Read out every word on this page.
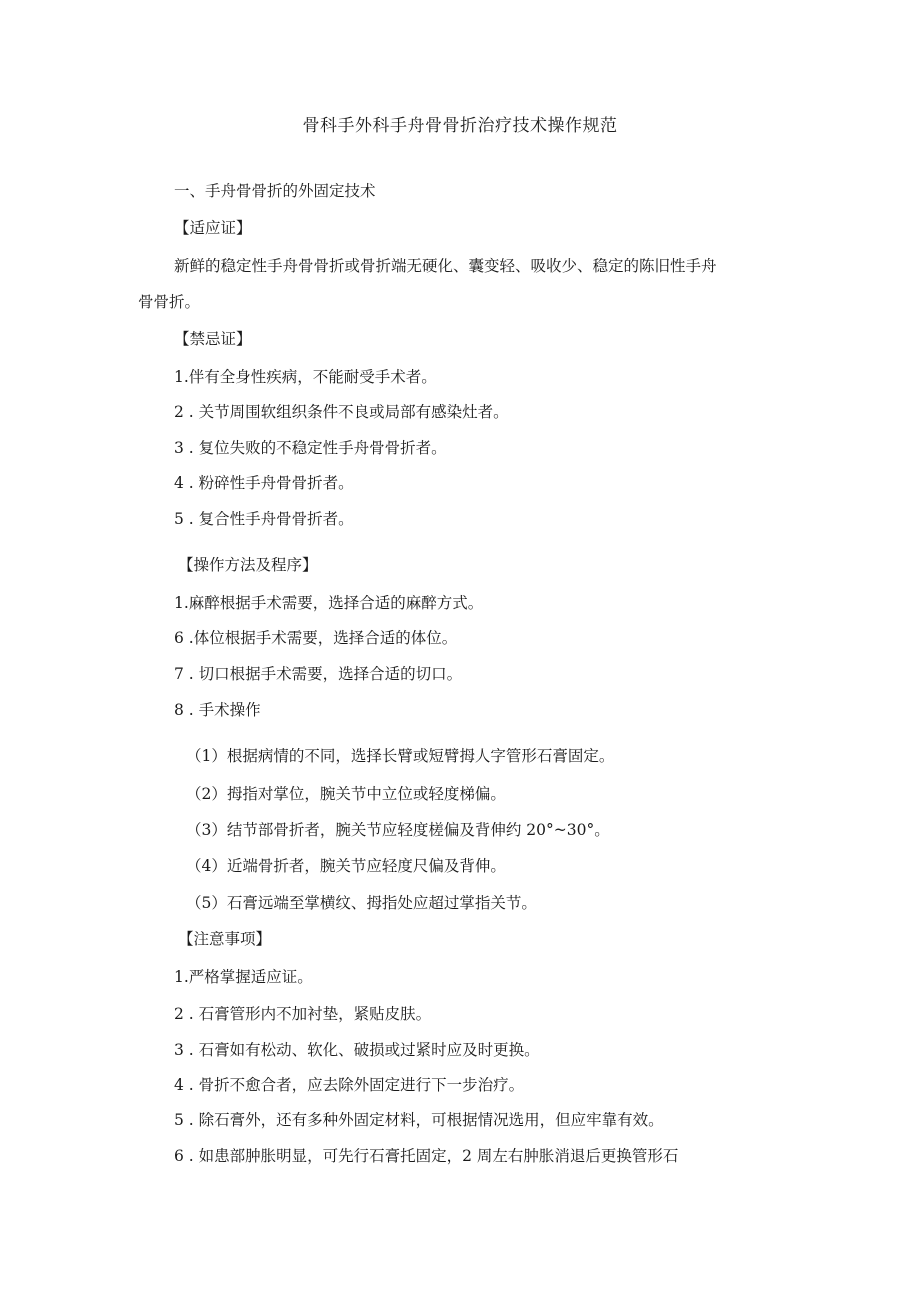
骨科手外科手舟骨骨折治疗技术操作规范
一、手舟骨骨折的外固定技术
【适应证】
新鲜的稳定性手舟骨骨折或骨折端无硬化、囊变轻、吸收少、稳定的陈旧性手舟
骨骨折。
【禁忌证】
1.伴有全身性疾病，不能耐受手术者。
2 . 关节周围软组织条件不良或局部有感染灶者。
3 . 复位失败的不稳定性手舟骨骨折者。
4 . 粉碎性手舟骨骨折者。
5 . 复合性手舟骨骨折者。
【操作方法及程序】
1.麻醉根据手术需要，选择合适的麻醉方式。
6 .体位根据手术需要，选择合适的体位。
7 . 切口根据手术需要，选择合适的切口。
8 . 手术操作
（1）根据病情的不同，选择长臂或短臂拇人字管形石膏固定。
（2）拇指对掌位，腕关节中立位或轻度梯偏。
（3）结节部骨折者，腕关节应轻度槎偏及背伸约 20°~30°。
（4）近端骨折者，腕关节应轻度尺偏及背伸。
（5）石膏远端至掌横纹、拇指处应超过掌指关节。
【注意事项】
1.严格掌握适应证。
2 . 石膏管形内不加衬垫，紧贴皮肤。
3 . 石膏如有松动、软化、破损或过紧时应及时更换。
4 . 骨折不愈合者，应去除外固定进行下一步治疗。
5 . 除石膏外，还有多种外固定材料，可根据情况选用，但应牢靠有效。
6 . 如患部肿胀明显，可先行石膏托固定，2 周左右肿胀消退后更换管形石
